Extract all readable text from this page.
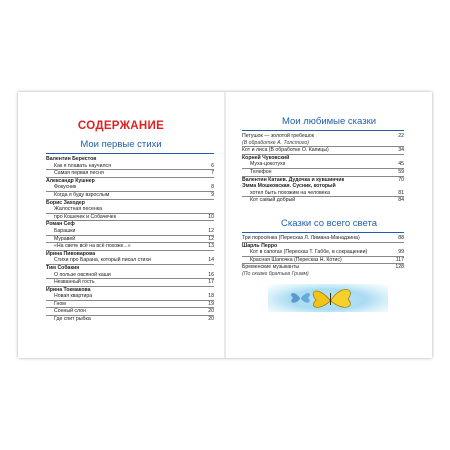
СОДЕРЖАНИЕ
Мои первые стихи
Валентин Берестов
Как я плавать научился	6
Самая первая песня	7
Александр Кушнер
Фокусник	8
Когда я буду взрослым	9
Борис Заходер
Жалостная песенка
про Кошечек и Собачечек	10
Роман Сеф
Барашки	12
Муравей	12
«На свете всё на всё похоже...»	13
Ирина Пивоварова
Стихи про Барана, который писал стихи	14
Тим Собакин
О пользе овсяной каши	16
Незванный гость	17
Ирина Токмакова
Новая квартира	18
Гном	19
Сонный слон	20
Где спит рыбка	20
Мои любимые сказки
Петушок — золотой гребешок	22
(В обработке А. Толстого)
Кот и лиса (В обработке О. Капицы)	34
Корней Чуковский
Муха-цокотуха	45
Телефон	59
Валентин Катаев. Дудочка и кувшинчик	70
Эмма Мошковская. Сусник, который
хотел быть похожим на человека	81
Кот самый добрый	84
Сказки со всего света
Три поросёнка (Пересказ Л. Лимана-Манадзина)	88
Шарль Перро
Кот в сапогах (Пересказ Т. Габбе, в сокращении)	99
Красная Шапочка (Пересказ Н. Котис)	117
Бременские музыканты	128
(По сказке братьев Гримм)
